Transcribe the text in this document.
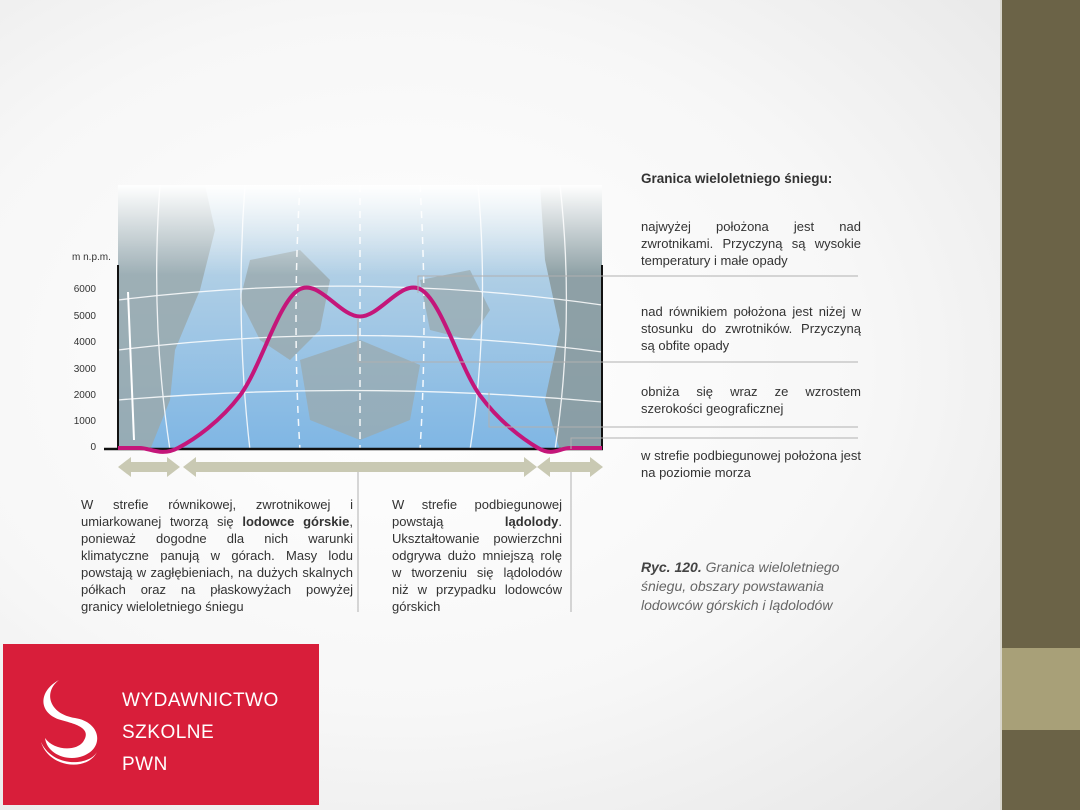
m n.p.m.
6000
5000
4000
3000
2000
1000
0
Granica wieloletniego śniegu:
najwyżej położona jest nad zwrotnikami. Przyczyną są wysokie temperatury i małe opady
nad równikiem położona jest niżej w stosunku do zwrotników. Przyczyną są obfite opady
obniża się wraz ze wzrostem szerokości geograficznej
w strefie podbiegunowej położona jest na poziomie morza
W strefie równikowej, zwrotnikowej i umiarkowanej tworzą się lodowce górskie, ponieważ dogodne dla nich warunki klimatyczne panują w górach. Masy lodu powstają w zagłębieniach, na dużych skalnych półkach oraz na płaskowyżach powyżej granicy wieloletniego śniegu
W strefie podbiegunowej powstają lądolody. Ukształtowanie powierzchni odgrywa dużo mniejszą rolę w tworzeniu się lądolodów niż w przypadku lodowców górskich
Ryc. 120. Granica wieloletniego śniegu, obszary powstawania lodowców górskich i lądolodów
WYDAWNICTWO
SZKOLNE
PWN
